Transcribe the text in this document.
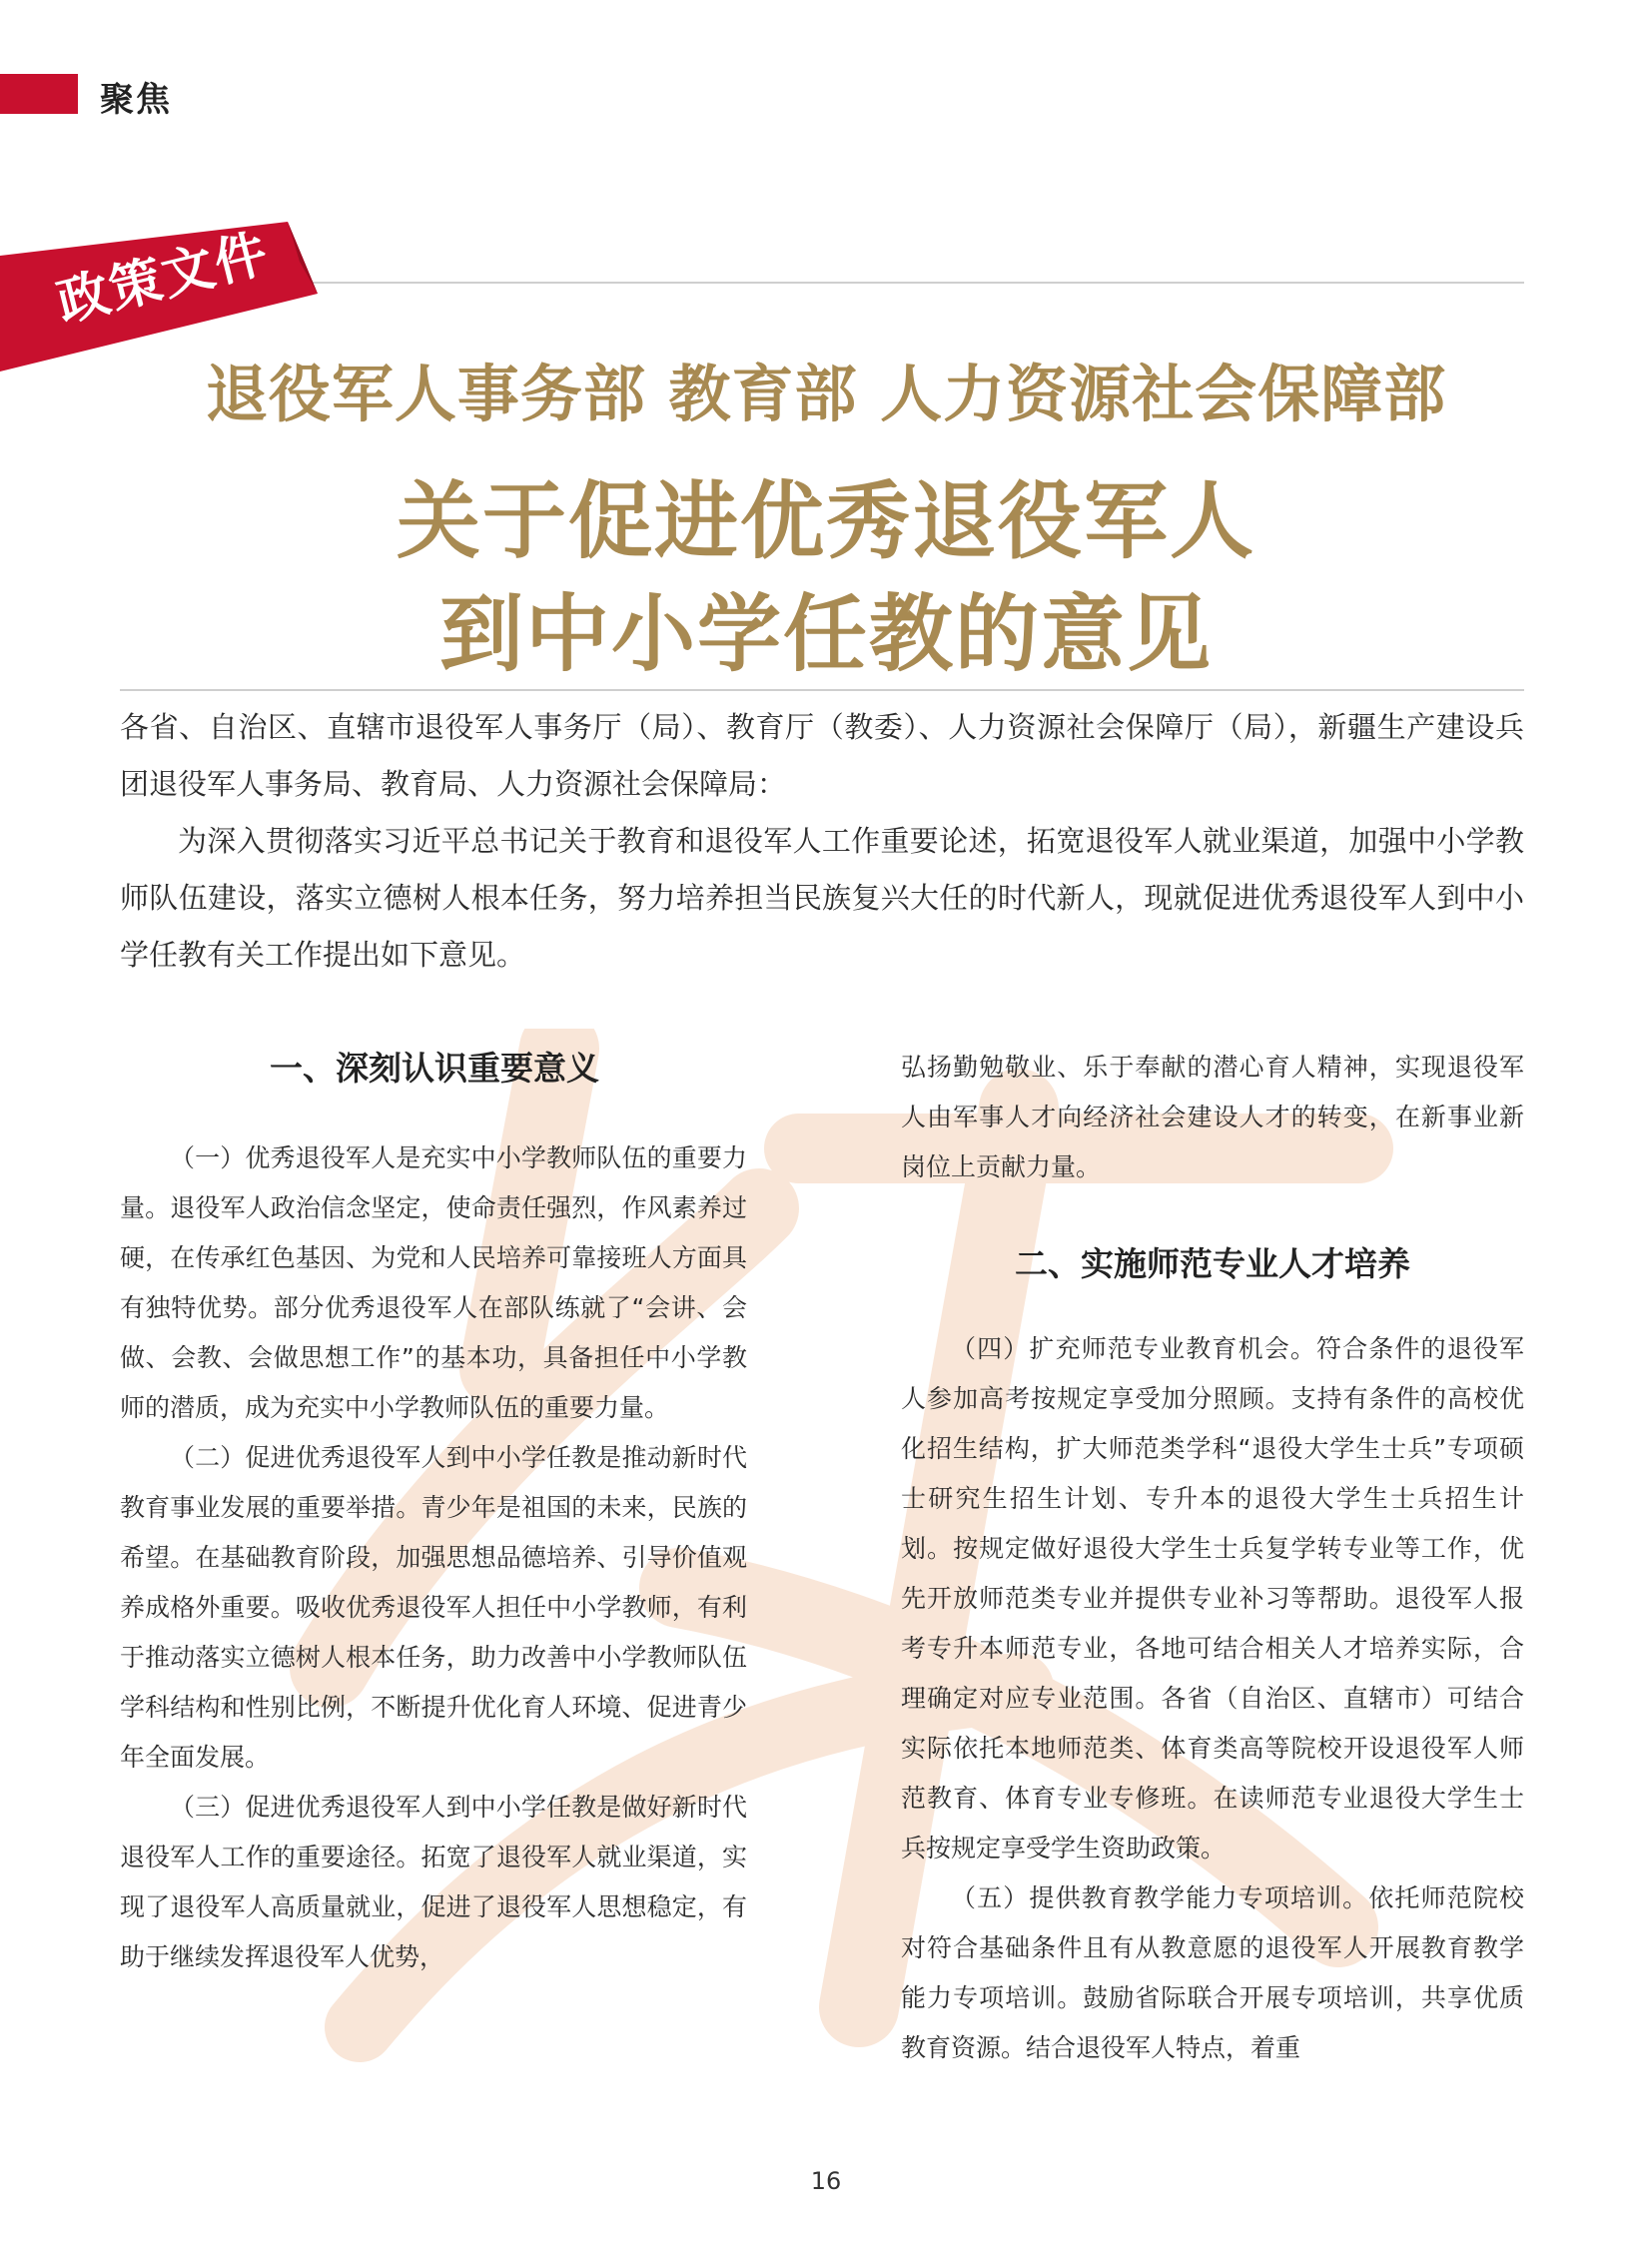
聚焦
政策文件
退役军人事务部 教育部 人力资源社会保障部
关于促进优秀退役军人
到中小学任教的意见

各省、自治区、直辖市退役军人事务厅（局）、教育厅（教委）、人力资源社会保障厅（局），新疆生产建设兵团退役军人事务局、教育局、人力资源社会保障局：

为深入贯彻落实习近平总书记关于教育和退役军人工作重要论述，拓宽退役军人就业渠道，加强中小学教师队伍建设，落实立德树人根本任务，努力培养担当民族复兴大任的时代新人，现就促进优秀退役军人到中小学任教有关工作提出如下意见。

一、深刻认识重要意义

（一）优秀退役军人是充实中小学教师队伍的重要力量。退役军人政治信念坚定，使命责任强烈，作风素养过硬，在传承红色基因、为党和人民培养可靠接班人方面具有独特优势。部分优秀退役军人在部队练就了“会讲、会做、会教、会做思想工作”的基本功，具备担任中小学教师的潜质，成为充实中小学教师队伍的重要力量。

（二）促进优秀退役军人到中小学任教是推动新时代教育事业发展的重要举措。青少年是祖国的未来，民族的希望。在基础教育阶段，加强思想品德培养、引导价值观养成格外重要。吸收优秀退役军人担任中小学教师，有利于推动落实立德树人根本任务，助力改善中小学教师队伍学科结构和性别比例，不断提升优化育人环境、促进青少年全面发展。

（三）促进优秀退役军人到中小学任教是做好新时代退役军人工作的重要途径。拓宽了退役军人就业渠道，实现了退役军人高质量就业，促进了退役军人思想稳定，有助于继续发挥退役军人优势，

弘扬勤勉敬业、乐于奉献的潜心育人精神，实现退役军人由军事人才向经济社会建设人才的转变，在新事业新岗位上贡献力量。

二、实施师范专业人才培养

（四）扩充师范专业教育机会。符合条件的退役军人参加高考按规定享受加分照顾。支持有条件的高校优化招生结构，扩大师范类学科“退役大学生士兵”专项硕士研究生招生计划、专升本的退役大学生士兵招生计划。按规定做好退役大学生士兵复学转专业等工作，优先开放师范类专业并提供专业补习等帮助。退役军人报考专升本师范专业，各地可结合相关人才培养实际，合理确定对应专业范围。各省（自治区、直辖市）可结合实际依托本地师范类、体育类高等院校开设退役军人师范教育、体育专业专修班。在读师范专业退役大学生士兵按规定享受学生资助政策。

（五）提供教育教学能力专项培训。依托师范院校对符合基础条件且有从教意愿的退役军人开展教育教学能力专项培训。鼓励省际联合开展专项培训，共享优质教育资源。结合退役军人特点，着重

16
